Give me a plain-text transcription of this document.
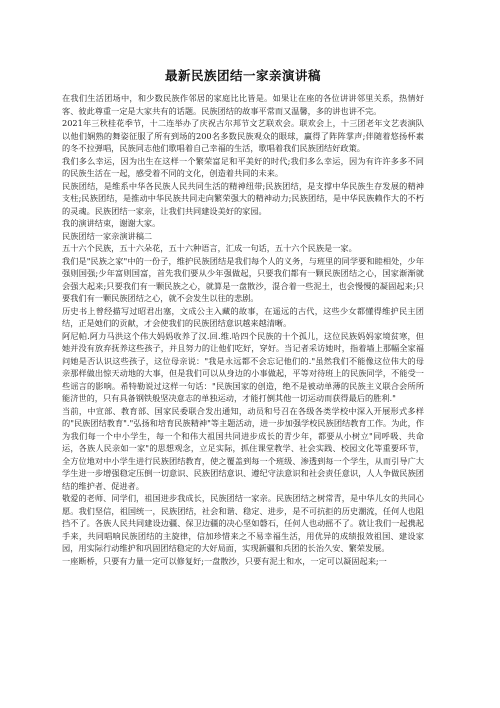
最新民族团结一家亲演讲稿

在我们生活团场中，和少数民族作邻居的家庭比比皆是。如果让在座的各位讲讲邻里关系，热情好客、彼此尊重一定是大家共有的话题。民族团结的故事平常而又温馨，多的讲也讲不完。

2021年三秋桂花季节，十二连举办了庆祝古尔邦节文艺联欢会。联欢会上，十三团老年文艺表演队以他们娴熟的舞姿征服了所有到场的200名多数民族观众的眼球，赢得了阵阵掌声;伴随着悠扬杯素的冬不拉弹唱，民族同志他们歌唱着自己幸福的生活，歌唱着我们民族团结好政策。

我们多么幸运，因为出生在这样一个繁荣富足和平美好的时代;我们多么幸运，因为有许许多多不同的民族生活在一起，感受着不同的文化，创造着共同的未来。

民族团结，是维系中华各民族人民共同生活的精神纽带;民族团结，是支撑中华民族生存发展的精神支柱;民族团结，是推动中华民族共同走向繁荣强大的精神动力;民族团结，是中华民族赖作大的不朽的灵魂。民族团结一家亲，让我们共同建设美好的家园。

我的演讲结束，谢谢大家。

民族团结一家亲演讲稿二

五十六个民族，五十六朵花，五十六种语言，汇成一句话，五十六个民族是一家。

我们是"民族之家"中的一份子，维护民族团结是我们每个人的义务，与班里的同学要和睦相处，少年强则国强;少年富则国富，首先我们要从少年强做起，只要我们都有一颗民族团结之心，国家渐渐就会强大起来;只要我们有一颗民族之心，就算是一盘散沙，混合着一些泥土，也会慢慢的凝固起来;只要我们有一颗民族团结之心，就不会发生以往的悲剧。

历史书上曾经描写过昭君出塞，文成公主入藏的故事，在遥远的古代，这些少女都懂得维护民主团结，正是她们的贡献，才会使我们的民族团结意识越来越清晰。

阿尼帕.阿力马洪这个伟大妈妈收养了汉.回.维.哈四个民族的十个孤儿，这位民族妈妈家境贫寒，但她并没有放弃抚养这些孩子，并且努力的让他们吃好，穿好。当记者采访她时，指着墙上那幅全家福问她是否认识这些孩子，这位母亲说："我是永远都不会忘记他们的."虽然我们不能像这位伟大的母亲那样做出惊天动地的大事，但是我们可以从身边的小事做起，平等对待班上的民族同学，不能受一些谣言的影响。希特勒说过这样一句话："民族国家的创造，绝不是被动单薄的民族主义联合会所所能济世的，只有具备钢铁般坚决意志的单独运动，才能打倒其他一切运动而获得最后的胜利."

当前，中宣部、教育部、国家民委联合发出通知，动员和号召在各级各类学校中深入开展形式多样的"民族团结教育"."弘扬和培育民族精神"等主题活动，进一步加强学校民族团结教育工作。为此，作为我们每一个中小学生，每一个和伟大祖国共同进步成长的青少年，都要从小树立"同呼吸、共命运，各族人民亲如一家"的思想观念，立足实际，抓住课堂教学、社会实践、校园文化等重要环节，全方位地对中小学生进行民族团结教育，使之覆盖到每一个班级、渗透到每一个学生，从而引导广大学生进一步增强稳定压倒一切意识、民族团结意识、遵纪守法意识和社会责任意识，人人争做民族团结的维护者、促进者。

敬爱的老师、同学们，祖国进步我成长，民族团结一家亲。民族团结之树常青，是中华儿女的共同心愿。我们坚信，祖国统一，民族团结，社会和谐、稳定、进步，是不可抗拒的历史潮流，任何人也阻挡不了。各族人民共同建设边疆、保卫边疆的决心坚如磐石，任何人也动摇不了。就让我们一起携起手来，共同唱响民族团结的主旋律，信加珍惜来之不易幸福生活，用优异的成绩报效祖国、建设家园，用实际行动维护和巩固团结稳定的大好局面，实现新疆和兵团的长治久安、繁荣发展。

一座断桥，只要有力量一定可以修复好;一盘散沙，只要有泥土和水，一定可以凝固起来;一
